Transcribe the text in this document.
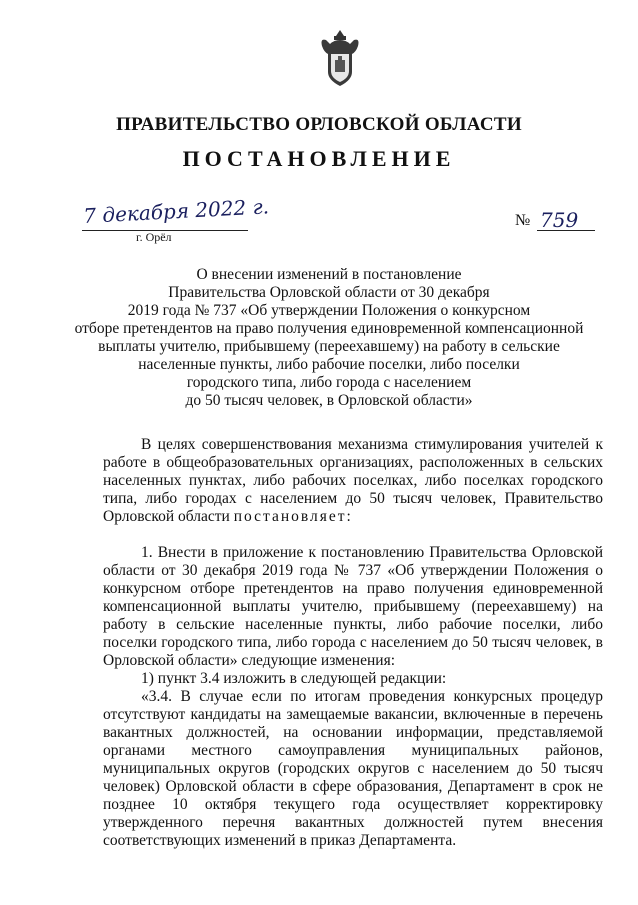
ПРАВИТЕЛЬСТВО ОРЛОВСКОЙ ОБЛАСТИ
ПОСТАНОВЛЕНИЕ
7 декабря 2022 г.
г. Орёл
№ 759
О внесении изменений в постановление
Правительства Орловской области от 30 декабря
2019 года № 737 «Об утверждении Положения о конкурсном
отборе претендентов на право получения единовременной компенсационной
выплаты учителю, прибывшему (переехавшему) на работу в сельские
населенные пункты, либо рабочие поселки, либо поселки
городского типа, либо города с населением
до 50 тысяч человек, в Орловской области»
В целях совершенствования механизма стимулирования учителей к работе в общеобразовательных организациях, расположенных в сельских населенных пунктах, либо рабочих поселках, либо поселках городского типа, либо городах с населением до 50 тысяч человек, Правительство Орловской области постановляет:
1. Внести в приложение к постановлению Правительства Орловской области от 30 декабря 2019 года № 737 «Об утверждении Положения о конкурсном отборе претендентов на право получения единовременной компенсационной выплаты учителю, прибывшему (переехавшему) на работу в сельские населенные пункты, либо рабочие поселки, либо поселки городского типа, либо города с населением до 50 тысяч человек, в Орловской области» следующие изменения:
1) пункт 3.4 изложить в следующей редакции:
«3.4. В случае если по итогам проведения конкурсных процедур отсутствуют кандидаты на замещаемые вакансии, включенные в перечень вакантных должностей, на основании информации, представляемой органами местного самоуправления муниципальных районов, муниципальных округов (городских округов с населением до 50 тысяч человек) Орловской области в сфере образования, Департамент в срок не позднее 10 октября текущего года осуществляет корректировку утвержденного перечня вакантных должностей путем внесения соответствующих изменений в приказ Департамента.
